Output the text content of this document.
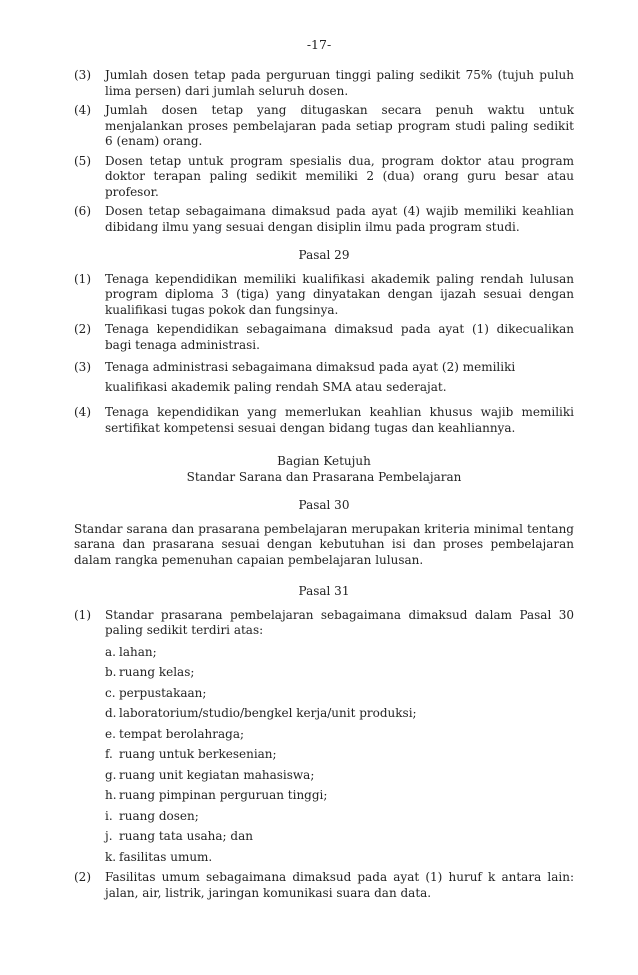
-17-
(3)	Jumlah dosen tetap pada perguruan tinggi paling sedikit 75% (tujuh puluh lima persen) dari jumlah seluruh dosen.
(4)	Jumlah dosen tetap yang ditugaskan secara penuh waktu untuk menjalankan proses pembelajaran pada setiap program studi paling sedikit 6 (enam) orang.
(5)	Dosen tetap untuk program spesialis dua, program doktor atau program doktor terapan paling sedikit memiliki 2 (dua) orang guru besar atau profesor.
(6)	Dosen tetap sebagaimana dimaksud pada ayat (4) wajib memiliki keahlian dibidang ilmu yang sesuai dengan disiplin ilmu pada program studi.
Pasal 29
(1)	Tenaga kependidikan memiliki kualifikasi akademik paling rendah lulusan program diploma 3 (tiga) yang dinyatakan dengan ijazah sesuai dengan kualifikasi tugas pokok dan fungsinya.
(2)	Tenaga kependidikan sebagaimana dimaksud pada ayat (1) dikecualikan bagi tenaga administrasi.
(3)	Tenaga administrasi sebagaimana dimaksud pada ayat (2) memiliki kualifikasi akademik paling rendah SMA atau sederajat.
(4)	Tenaga kependidikan yang memerlukan keahlian khusus wajib memiliki sertifikat kompetensi sesuai dengan bidang tugas dan keahliannya.
Bagian Ketujuh
Standar Sarana dan Prasarana Pembelajaran
Pasal 30
Standar sarana dan prasarana pembelajaran merupakan kriteria minimal tentang sarana dan prasarana sesuai dengan kebutuhan isi dan proses pembelajaran dalam rangka pemenuhan capaian pembelajaran lulusan.
Pasal 31
(1)	Standar prasarana pembelajaran sebagaimana dimaksud dalam Pasal 30 paling sedikit terdiri atas:
a. lahan;
b. ruang kelas;
c. perpustakaan;
d. laboratorium/studio/bengkel kerja/unit produksi;
e. tempat berolahraga;
f. ruang untuk berkesenian;
g. ruang unit kegiatan mahasiswa;
h. ruang pimpinan perguruan tinggi;
i. ruang dosen;
j. ruang tata usaha; dan
k. fasilitas umum.
(2)	Fasilitas umum sebagaimana dimaksud pada ayat (1) huruf k antara lain: jalan, air, listrik, jaringan komunikasi suara dan data.
